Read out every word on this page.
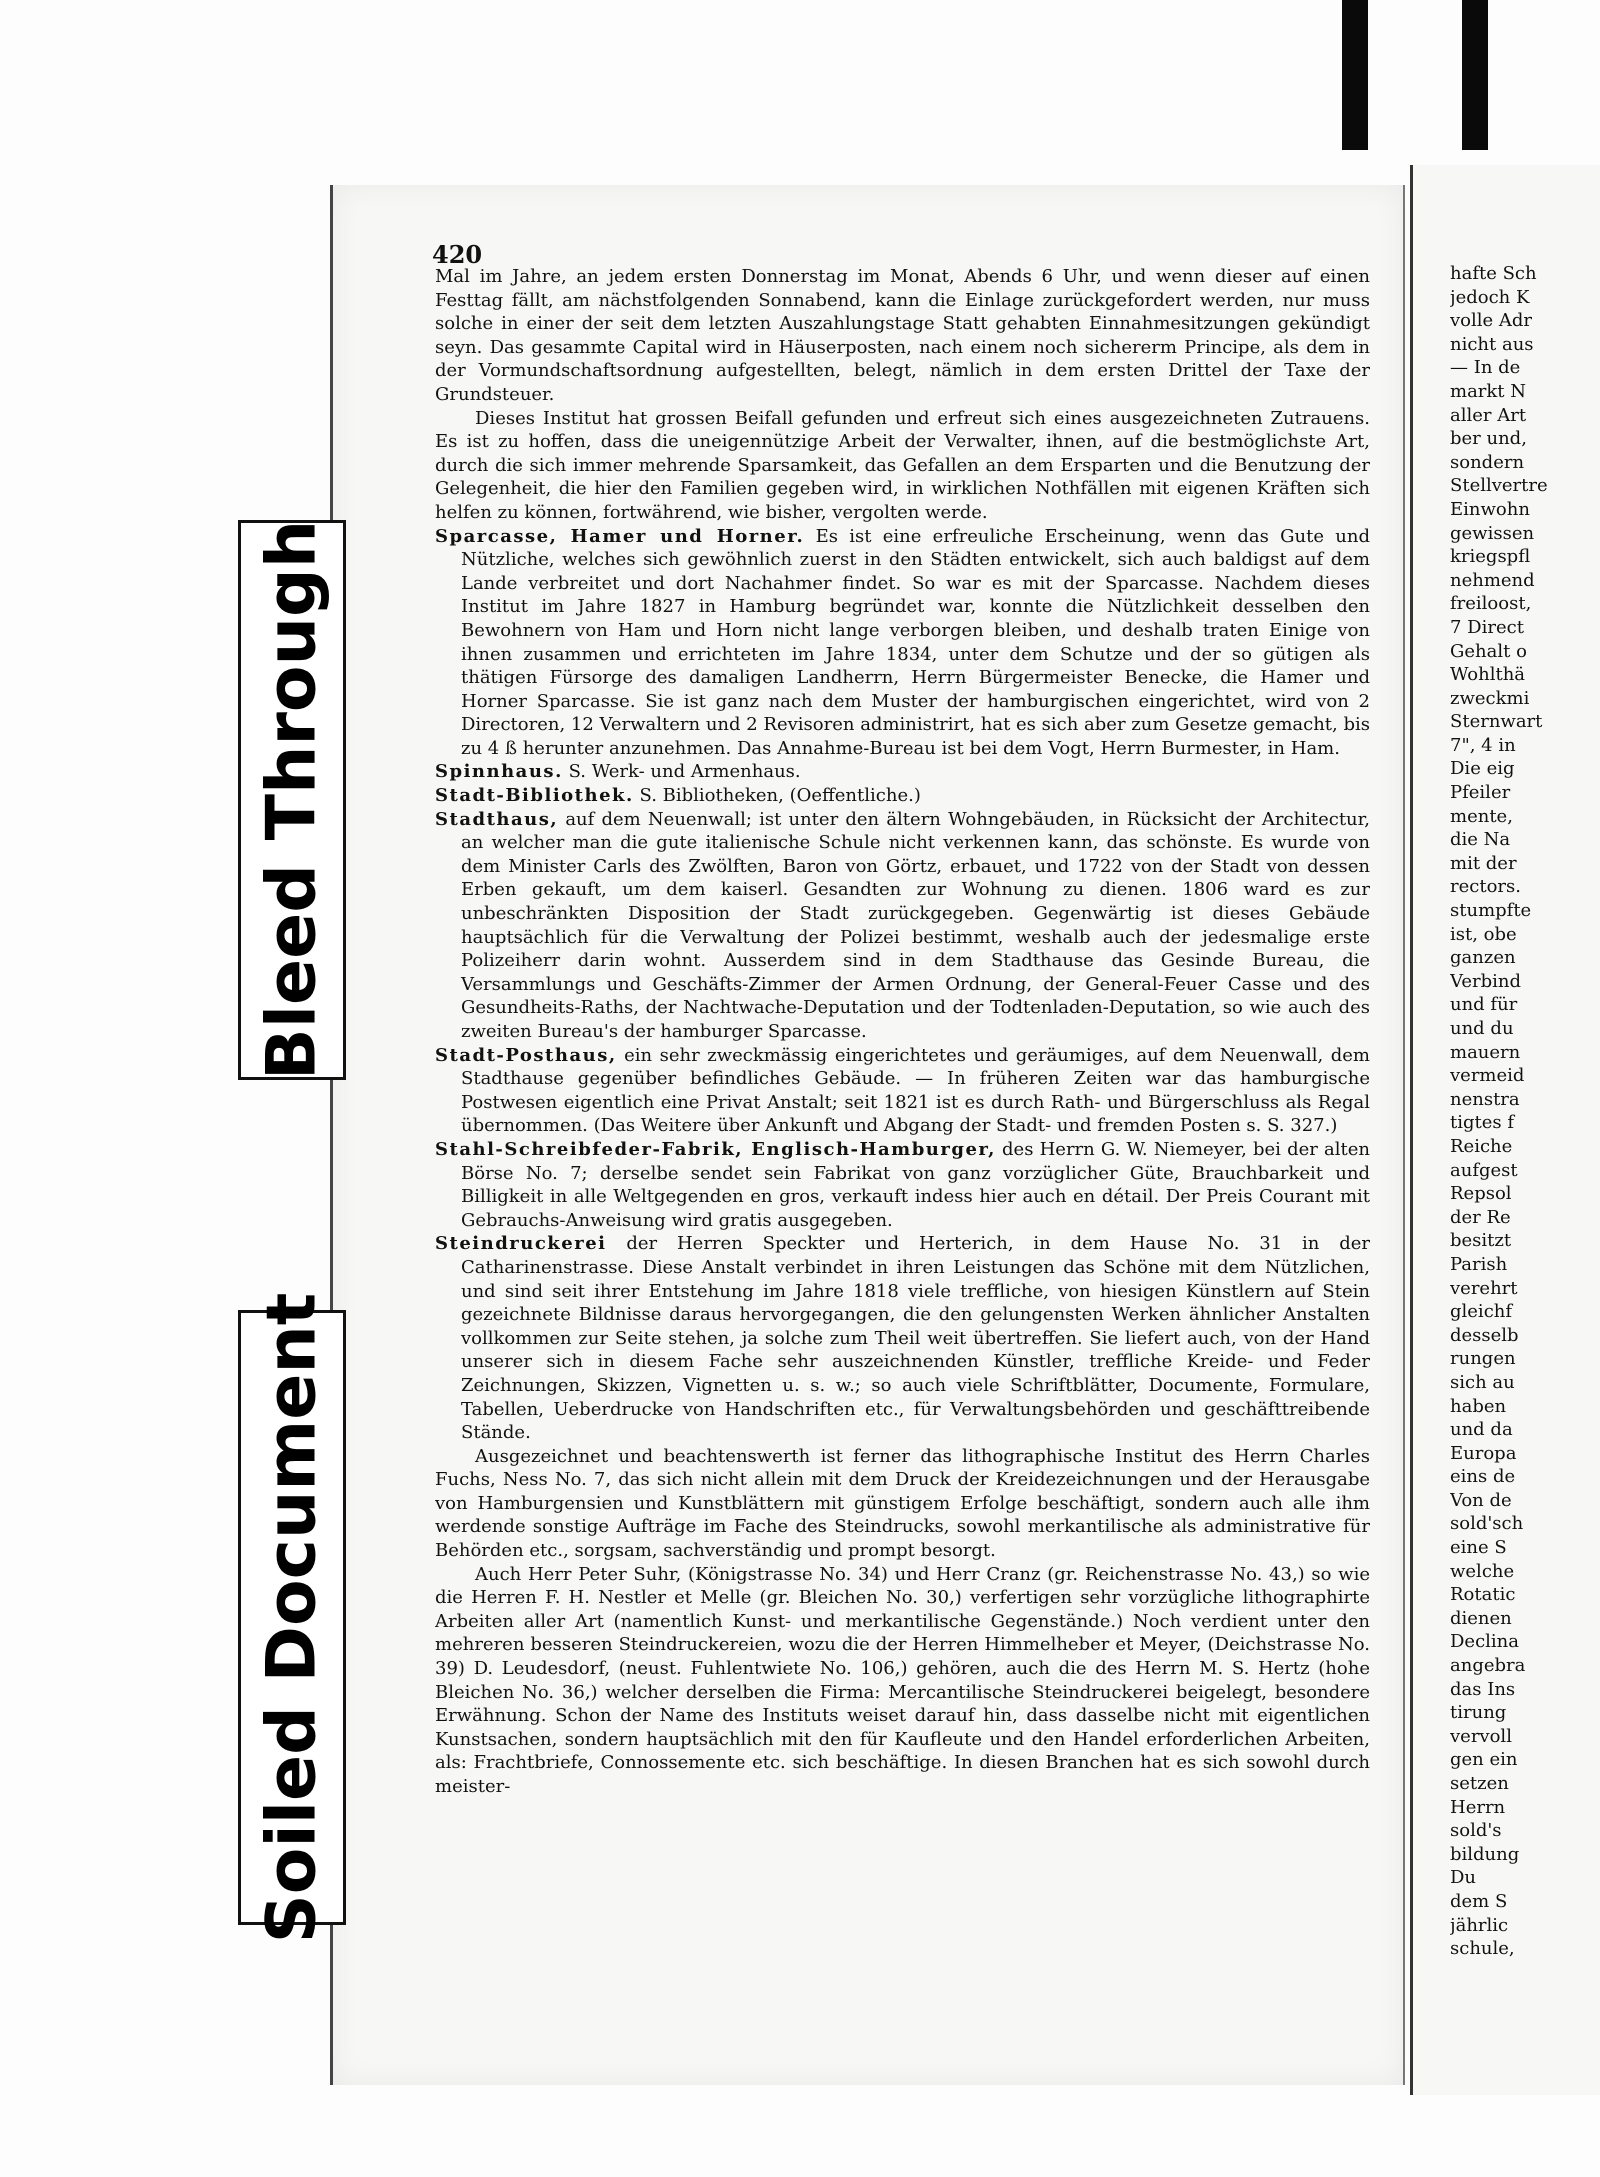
Bleed Through
Soiled Document
420

Mal im Jahre, an jedem ersten Donnerstag im Monat, Abends 6 Uhr, und wenn dieser auf einen Festtag fällt, am nächstfolgenden Sonnabend, kann die Einlage zurückgefordert werden, nur muss solche in einer der seit dem letzten Auszahlungstage Statt gehabten Einnahmesitzungen gekündigt seyn. Das gesammte Capital wird in Häuserposten, nach einem noch sichererm Principe, als dem in der Vormundschaftsordnung aufgestellten, belegt, nämlich in dem ersten Drittel der Taxe der Grundsteuer.

Dieses Institut hat grossen Beifall gefunden und erfreut sich eines ausgezeichneten Zutrauens. Es ist zu hoffen, dass die uneigennützige Arbeit der Verwalter, ihnen, auf die bestmöglichste Art, durch die sich immer mehrende Sparsamkeit, das Gefallen an dem Ersparten und die Benutzung der Gelegenheit, die hier den Familien gegeben wird, in wirklichen Nothfällen mit eigenen Kräften sich helfen zu können, fortwährend, wie bisher, vergolten werde.

Sparcasse, Hamer und Horner. Es ist eine erfreuliche Erscheinung, wenn das Gute und Nützliche, welches sich gewöhnlich zuerst in den Städten entwickelt, sich auch baldigst auf dem Lande verbreitet und dort Nachahmer findet. So war es mit der Sparcasse. Nachdem dieses Institut im Jahre 1827 in Hamburg begründet war, konnte die Nützlichkeit desselben den Bewohnern von Ham und Horn nicht lange verborgen bleiben, und deshalb traten Einige von ihnen zusammen und errichteten im Jahre 1834, unter dem Schutze und der so gütigen als thätigen Fürsorge des damaligen Landherrn, Herrn Bürgermeister Benecke, die Hamer und Horner Sparcasse. Sie ist ganz nach dem Muster der hamburgischen eingerichtet, wird von 2 Directoren, 12 Verwaltern und 2 Revisoren administrirt, hat es sich aber zum Gesetze gemacht, bis zu 4 ß herunter anzunehmen. Das Annahme-Bureau ist bei dem Vogt, Herrn Burmester, in Ham.

Spinnhaus. S. Werk- und Armenhaus.

Stadt-Bibliothek. S. Bibliotheken, (Oeffentliche.)

Stadthaus, auf dem Neuenwall; ist unter den ältern Wohngebäuden, in Rücksicht der Architectur, an welcher man die gute italienische Schule nicht verkennen kann, das schönste. Es wurde von dem Minister Carls des Zwölften, Baron von Görtz, erbauet, und 1722 von der Stadt von dessen Erben gekauft, um dem kaiserl. Gesandten zur Wohnung zu dienen. 1806 ward es zur unbeschränkten Disposition der Stadt zurückgegeben. Gegenwärtig ist dieses Gebäude hauptsächlich für die Verwaltung der Polizei bestimmt, weshalb auch der jedesmalige erste Polizeiherr darin wohnt. Ausserdem sind in dem Stadthause das Gesinde Bureau, die Versammlungs und Geschäfts-Zimmer der Armen Ordnung, der General-Feuer Casse und des Gesundheits-Raths, der Nachtwache-Deputation und der Todtenladen-Deputation, so wie auch des zweiten Bureau's der hamburger Sparcasse.

Stadt-Posthaus, ein sehr zweckmässig eingerichtetes und geräumiges, auf dem Neuenwall, dem Stadthause gegenüber befindliches Gebäude. — In früheren Zeiten war das hamburgische Postwesen eigentlich eine Privat Anstalt; seit 1821 ist es durch Rath- und Bürgerschluss als Regal übernommen. (Das Weitere über Ankunft und Abgang der Stadt- und fremden Posten s. S. 327.)

Stahl-Schreibfeder-Fabrik, Englisch-Hamburger, des Herrn G. W. Niemeyer, bei der alten Börse No. 7; derselbe sendet sein Fabrikat von ganz vorzüglicher Güte, Brauchbarkeit und Billigkeit in alle Weltgegenden en gros, verkauft indess hier auch en détail. Der Preis Courant mit Gebrauchs-Anweisung wird gratis ausgegeben.

Steindruckerei der Herren Speckter und Herterich, in dem Hause No. 31 in der Catharinenstrasse. Diese Anstalt verbindet in ihren Leistungen das Schöne mit dem Nützlichen, und sind seit ihrer Entstehung im Jahre 1818 viele treffliche, von hiesigen Künstlern auf Stein gezeichnete Bildnisse daraus hervorgegangen, die den gelungensten Werken ähnlicher Anstalten vollkommen zur Seite stehen, ja solche zum Theil weit übertreffen. Sie liefert auch, von der Hand unserer sich in diesem Fache sehr auszeichnenden Künstler, treffliche Kreide- und Feder Zeichnungen, Skizzen, Vignetten u. s. w.; so auch viele Schriftblätter, Documente, Formulare, Tabellen, Ueberdrucke von Handschriften etc., für Verwaltungsbehörden und geschäfttreibende Stände.

Ausgezeichnet und beachtenswerth ist ferner das lithographische Institut des Herrn Charles Fuchs, Ness No. 7, das sich nicht allein mit dem Druck der Kreidezeichnungen und der Herausgabe von Hamburgensien und Kunstblättern mit günstigem Erfolge beschäftigt, sondern auch alle ihm werdende sonstige Aufträge im Fache des Steindrucks, sowohl merkantilische als administrative für Behörden etc., sorgsam, sachverständig und prompt besorgt.

Auch Herr Peter Suhr, (Königstrasse No. 34) und Herr Cranz (gr. Reichenstrasse No. 43,) so wie die Herren F. H. Nestler et Melle (gr. Bleichen No. 30,) verfertigen sehr vorzügliche lithographirte Arbeiten aller Art (namentlich Kunst- und merkantilische Gegenstände.) Noch verdient unter den mehreren besseren Steindruckereien, wozu die der Herren Himmelheber et Meyer, (Deichstrasse No. 39) D. Leudesdorf, (neust. Fuhlentwiete No. 106,) gehören, auch die des Herrn M. S. Hertz (hohe Bleichen No. 36,) welcher derselben die Firma: Mercantilische Steindruckerei beigelegt, besondere Erwähnung. Schon der Name des Instituts weiset darauf hin, dass dasselbe nicht mit eigentlichen Kunstsachen, sondern hauptsächlich mit den für Kaufleute und den Handel erforderlichen Arbeiten, als: Frachtbriefe, Connossemente etc. sich beschäftige. In diesen Branchen hat es sich sowohl durch meister-

hafte Sch
jedoch K
volle Adr
nicht aus
— In de
markt N
aller Art
ber und,
sondern
Stellvertre
Einwohn
gewissen
kriegspfl
nehmend
freiloost,
7 Direct
Gehalt o
Wohlthä
zweckmi
Sternwart
7", 4 in
Die eig
Pfeiler
mente,
die Na
mit der
rectors.
stumpfte
ist, obe
ganzen
Verbind
und für
und du
mauern
vermeid
nenstra
tigtes f
Reiche
aufgest
Repsol
der Re
besitzt
Parish
verehrt
gleichf
desselb
rungen
sich au
haben
und da
Europa
eins de
Von de
sold'sch
eine S
welche
Rotatic
dienen
Declina
angebra
das Ins
tirung
vervoll
gen ein
setzen
Herrn
sold's
bildung
Du
dem S
jährlic
schule,
